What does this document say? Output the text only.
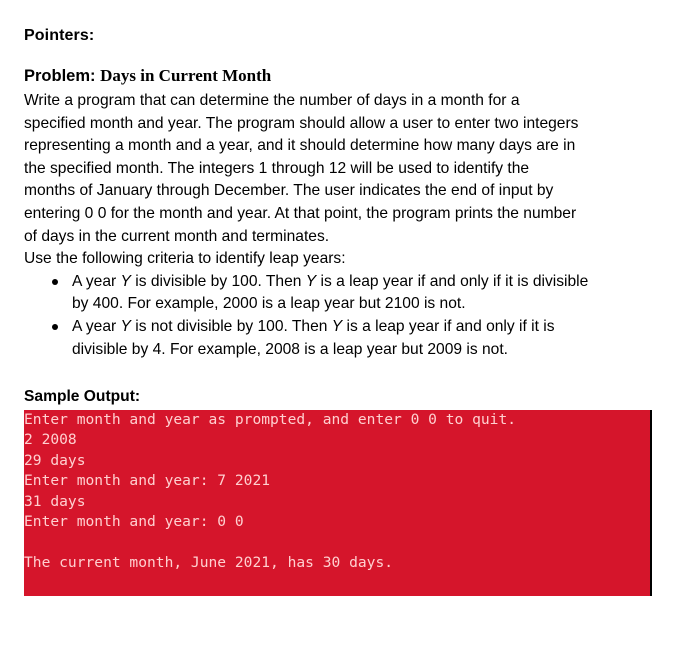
Pointers:
Problem: Days in Current Month

Write a program that can determine the number of days in a month for a

specified month and year. The program should allow a user to enter two integers

representing a month and a year, and it should determine how many days are in

the specified month. The integers 1 through 12 will be used to identify the

months of January through December. The user indicates the end of input by

entering 0 0 for the month and year. At that point, the program prints the number

of days in the current month and terminates.

Use the following criteria to identify leap years:

A year Y is divisible by 100. Then Y is a leap year if and only if it is divisible
by 400. For example, 2000 is a leap year but 2100 is not.
A year Y is not divisible by 100. Then Y is a leap year if and only if it is
divisible by 4. For example, 2008 is a leap year but 2009 is not.
Sample Output:
Enter month and year as prompted, and enter 0 0 to quit.
2 2008
29 days
Enter month and year: 7 2021
31 days
Enter month and year: 0 0
The current month, June 2021, has 30 days.
